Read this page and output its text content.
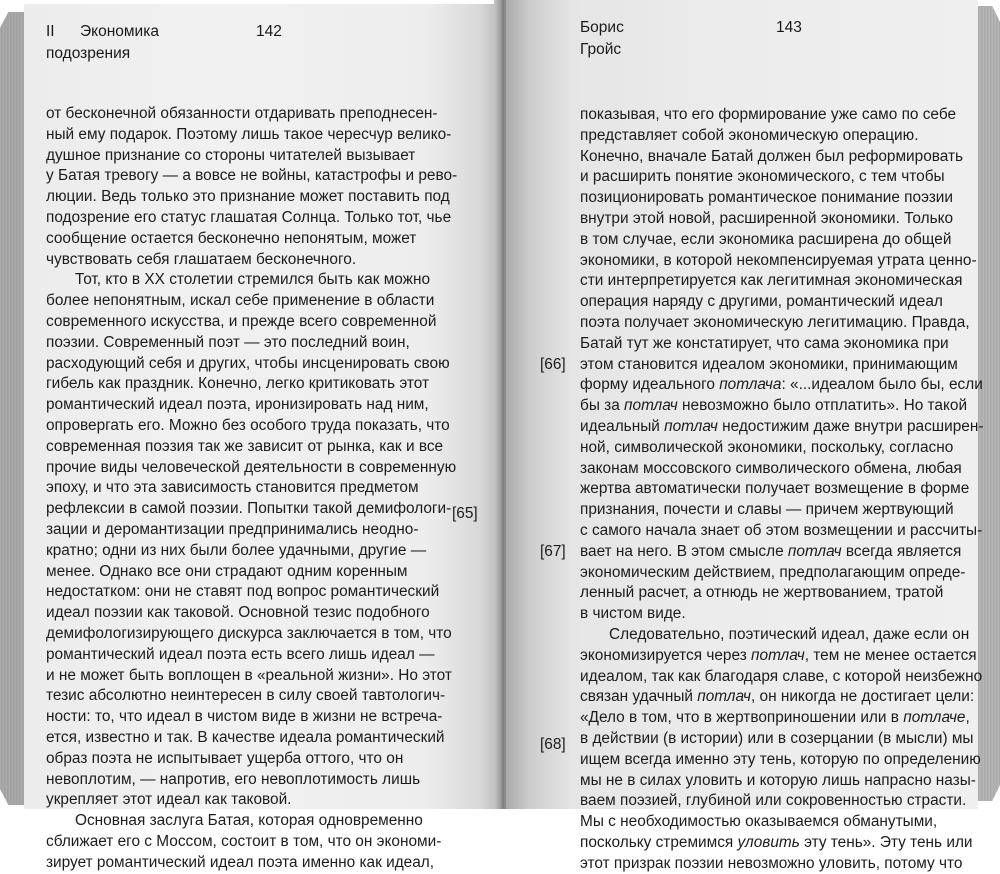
II Экономика
подозрения
142
от бесконечной обязанности отдаривать преподнесен-
ный ему подарок. Поэтому лишь такое чересчур велико-
душное признание со стороны читателей вызывает
у Батая тревогу — а вовсе не войны, катастрофы и рево-
люции. Ведь только это признание может поставить под
подозрение его статус глашатая Солнца. Только тот, чье
сообщение остается бесконечно непонятым, может
чувствовать себя глашатаем бесконечного.
Тот, кто в XX столетии стремился быть как можно
более непонятным, искал себе применение в области
современного искусства, и прежде всего современной
поэзии. Современный поэт — это последний воин,
расходующий себя и других, чтобы инсценировать свою
гибель как праздник. Конечно, легко критиковать этот
романтический идеал поэта, иронизировать над ним,
опровергать его. Можно без особого труда показать, что
современная поэзия так же зависит от рынка, как и все
прочие виды человеческой деятельности в современную
эпоху, и что эта зависимость становится предметом
рефлексии в самой поэзии. Попытки такой демифологи-
зации и деромантизации предпринимались неоднo-
кратно; одни из них были более удачными, другие —
менее. Однако все они страдают одним коренным
недостатком: они не ставят под вопрос романтический
идеал поэзии как таковой. Основной тезис подобного
демифологизирующего дискурса заключается в том, что
романтический идеал поэта есть всего лишь идеал —
и не может быть воплощен в «реальной жизни». Но этот
тезис абсолютно неинтересен в силу своей тавтологич-
ности: то, что идеал в чистом виде в жизни не встреча-
ется, известно и так. В качестве идеала романтический
образ поэта не испытывает ущерба оттого, что он
невоплотим, — напротив, его невоплотимость лишь
укрепляет этот идеал как таковой.
Основная заслуга Батая, которая одновременно
сближает его с Моссом, состоит в том, что он экономи-
зирует романтический идеал поэта именно как идеал,
[65]
Борис
Гройс
143
[66]
[67]
[68]
показывая, что его формирование уже само по себе
представляет собой экономическую операцию.
Конечно, вначале Батай должен был реформировать
и расширить понятие экономического, с тем чтобы
позиционировать романтическое понимание поэзии
внутри этой новой, расширенной экономики. Только
в том случае, если экономика расширена до общей
экономики, в которой некомпенсируемая утрата ценно-
сти интерпретируется как легитимная экономическая
операция наряду с другими, романтический идеал
поэта получает экономическую легитимацию. Правда,
Батай тут же констатирует, что сама экономика при
этом становится идеалом экономики, принимающим
формy идеального потлача: «...идеалом было бы, если
бы за потлач невозможно было отплатить». Но такой
идеальный потлач недостижим даже внутри расширен-
ной, символической экономики, поскольку, согласно
законам моссовского символического обмена, любая
жертва автоматически получает возмещение в форме
признания, почести и славы — причем жертвующий
с самого начала знает об этом возмещении и рассчиты-
вает на него. В этом смысле потлач всегда является
экономическим действием, предполагающим опреде-
ленный расчет, а отнюдь не жертвованием, тратой
в чистом виде.
Следовательно, поэтический идеал, даже если он
экономизируется через потлач, тем не менее остается
идеалом, так как благодаря славе, с которой неизбежно
связан удачный потлач, он никогда не достигает цели:
«Дело в том, что в жертвоприношении или в потлаче,
в действии (в истории) или в созерцании (в мысли) мы
ищем всегда именно эту тень, которую по определению
мы не в силах уловить и которую лишь напрасно назы-
ваем поэзией, глубиной или сокровенностью страсти.
Мы с необходимостью оказываемся обманутыми,
поскольку стремимся уловить эту тень». Эту тень или
этот призрак поэзии невозможно уловить, потому что
